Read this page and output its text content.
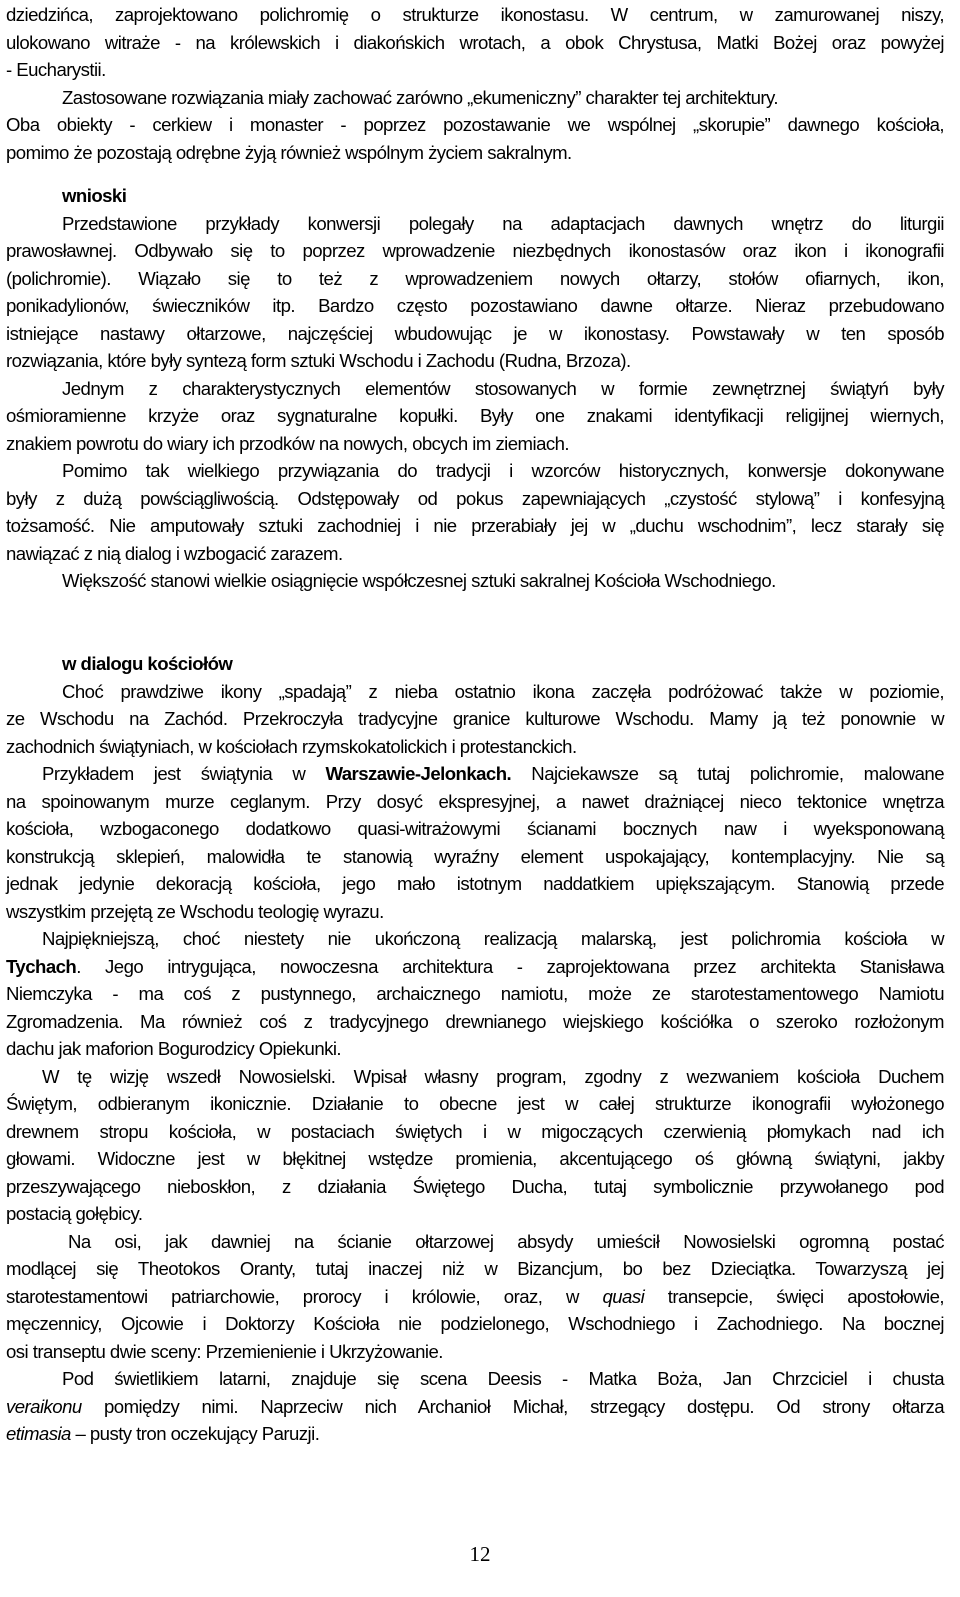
dziedzińca, zaprojektowano polichromię o strukturze ikonostasu. W centrum, w zamurowanej niszy,
ulokowano witraże - na królewskich i diakońskich wrotach, a obok Chrystusa, Matki Bożej oraz powyżej
- Eucharystii.
Zastosowane rozwiązania miały zachować zarówno „ekumeniczny” charakter tej architektury.
Oba obiekty - cerkiew i monaster - poprzez pozostawanie we wspólnej „skorupie” dawnego kościoła,
pomimo że pozostają odrębne żyją również wspólnym życiem sakralnym.
wnioski
Przedstawione przykłady konwersji polegały na adaptacjach dawnych wnętrz do liturgii
prawosławnej. Odbywało się to poprzez wprowadzenie niezbędnych ikonostasów oraz ikon i ikonografii
(polichromie). Wiązało się to też z wprowadzeniem nowych ołtarzy, stołów ofiarnych, ikon,
ponikadylionów, świeczników itp. Bardzo często pozostawiano dawne ołtarze. Nieraz przebudowano
istniejące nastawy ołtarzowe, najczęściej wbudowując je w ikonostasy. Powstawały w ten sposób
rozwiązania, które były syntezą form sztuki Wschodu i Zachodu (Rudna, Brzoza).
Jednym z charakterystycznych elementów stosowanych w formie zewnętrznej świątyń były
ośmioramienne krzyże oraz sygnaturalne kopułki. Były one znakami identyfikacji religijnej wiernych,
znakiem powrotu do wiary ich przodków na nowych, obcych im ziemiach.
Pomimo tak wielkiego przywiązania do tradycji i wzorców historycznych, konwersje dokonywane
były z dużą powściągliwością. Odstępowały od pokus zapewniających „czystość stylową” i konfesyjną
tożsamość. Nie amputowały sztuki zachodniej i nie przerabiały jej w „duchu wschodnim”, lecz starały się
nawiązać z nią dialog i wzbogacić zarazem.
Większość stanowi wielkie osiągnięcie współczesnej sztuki sakralnej Kościoła Wschodniego.
w dialogu kościołów
Choć prawdziwe ikony „spadają” z nieba ostatnio ikona zaczęła podróżować także w poziomie,
ze Wschodu na Zachód. Przekroczyła tradycyjne granice kulturowe Wschodu. Mamy ją też ponownie w
zachodnich świątyniach, w kościołach rzymskokatolickich i protestanckich.
Przykładem jest świątynia w Warszawie-Jelonkach. Najciekawsze są tutaj polichromie, malowane
na spoinowanym murze ceglanym. Przy dosyć ekspresyjnej, a nawet drażniącej nieco tektonice wnętrza
kościoła, wzbogaconego dodatkowo quasi-witrażowymi ścianami bocznych naw i wyeksponowaną
konstrukcją sklepień, malowidła te stanowią wyraźny element uspokajający, kontemplacyjny. Nie są
jednak jedynie dekoracją kościoła, jego mało istotnym naddatkiem upiększającym. Stanowią przede
wszystkim przejętą ze Wschodu teologię wyrazu.
Najpiękniejszą, choć niestety nie ukończoną realizacją malarską, jest polichromia kościoła w
Tychach. Jego intrygująca, nowoczesna architektura - zaprojektowana przez architekta Stanisława
Niemczyka - ma coś z pustynnego, archaicznego namiotu, może ze starotestamentowego Namiotu
Zgromadzenia. Ma również coś z tradycyjnego drewnianego wiejskiego kościółka o szeroko rozłożonym
dachu jak maforion Bogurodzicy Opiekunki.
W tę wizję wszedł Nowosielski. Wpisał własny program, zgodny z wezwaniem kościoła Duchem
Świętym, odbieranym ikonicznie. Działanie to obecne jest w całej strukturze ikonografii wyłożonego
drewnem stropu kościoła, w postaciach świętych i w migoczących czerwienią płomykach nad ich
głowami. Widoczne jest w błękitnej wstędze promienia, akcentującego oś główną świątyni, jakby
przeszywającego nieboskłon, z działania Świętego Ducha, tutaj symbolicznie przywołanego pod
postacią gołębicy.
Na osi, jak dawniej na ścianie ołtarzowej absydy umieścił Nowosielski ogromną postać
modlącej się Theotokos Oranty, tutaj inaczej niż w Bizancjum, bo bez Dzieciątka. Towarzyszą jej
starotestamentowi patriarchowie, prorocy i królowie, oraz, w quasi transepcie, święci apostołowie,
męczennicy, Ojcowie i Doktorzy Kościoła nie podzielonego, Wschodniego i Zachodniego. Na bocznej
osi transeptu dwie sceny: Przemienienie i Ukrzyżowanie.
Pod świetlikiem latarni, znajduje się scena Deesis - Matka Boża, Jan Chrzciciel i chusta
veraikonu pomiędzy nimi. Naprzeciw nich Archanioł Michał, strzegący dostępu. Od strony ołtarza
etimasia – pusty tron oczekujący Paruzji.
12
